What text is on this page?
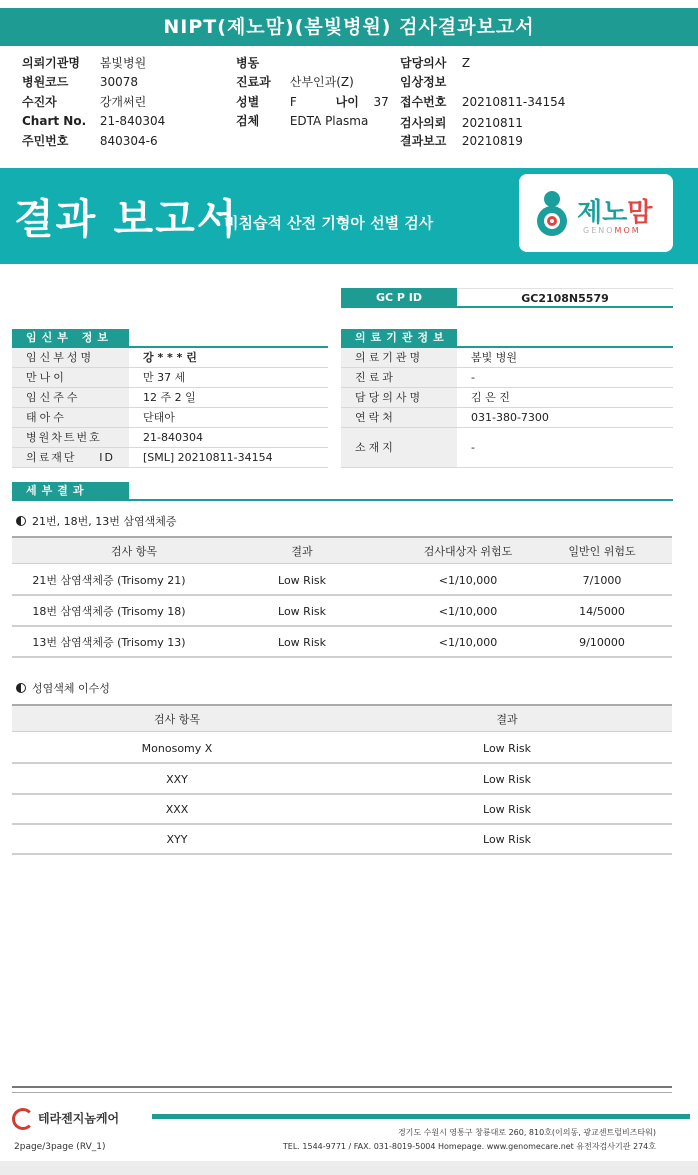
NIPT(제노맘)(봄빛병원) 검사결과보고서
의뢰기관명 봄빛병원
병원코드	30078
수진자	강개써린
Chart No. 21-840304
주민번호	840304-6
병동
진료과 산부인과(Z)
성별	F	나이 37
검체	EDTA Plasma
담당의사 Z
임상정보
접수번호 20210811-34154
검사의뢰 20210811
결과보고 20210819
결과 보고서
비침습적 산전 기형아 선별 검사	제노맘
GENOMOM
GC P ID	GC2108N5579
임신부 정보
임신부성명	강 * * * 린
만나이	만 37 세
임신주수	12 주 2 일
태아수	단태아
병원차트번호	21-840304
의료재단 ID	[SML] 20210811-34154
의료기관정보
의료기관명	봄빛 병원
진료과	-
담당의사명	김 은 진
연락처	031-380-7300
소재지	-
세부결과
21번, 18번, 13번 삼염색체증
검사 항목	결과	검사대상자 위험도	일반인 위험도
21번 삼염색체증 (Trisomy 21)	Low Risk	<1/10,000	7/1000
18번 삼염색체증 (Trisomy 18)	Low Risk	<1/10,000	14/5000
13번 삼염색체증 (Trisomy 13)	Low Risk	<1/10,000	9/10000
성염색체 이수성
검사 항목	결과
Monosomy X	Low Risk
XXY	Low Risk
XXX	Low Risk
XYY	Low Risk
테라젠지놈케어
경기도 수원시 영통구 창룡대로 260, 810호(이의동, 광교센트럴비즈타워)
TEL. 1544-9771 / FAX. 031-8019-5004 Homepage. www.genomecare.net 유전자검사기관 274호
2page/3page (RV_1)
